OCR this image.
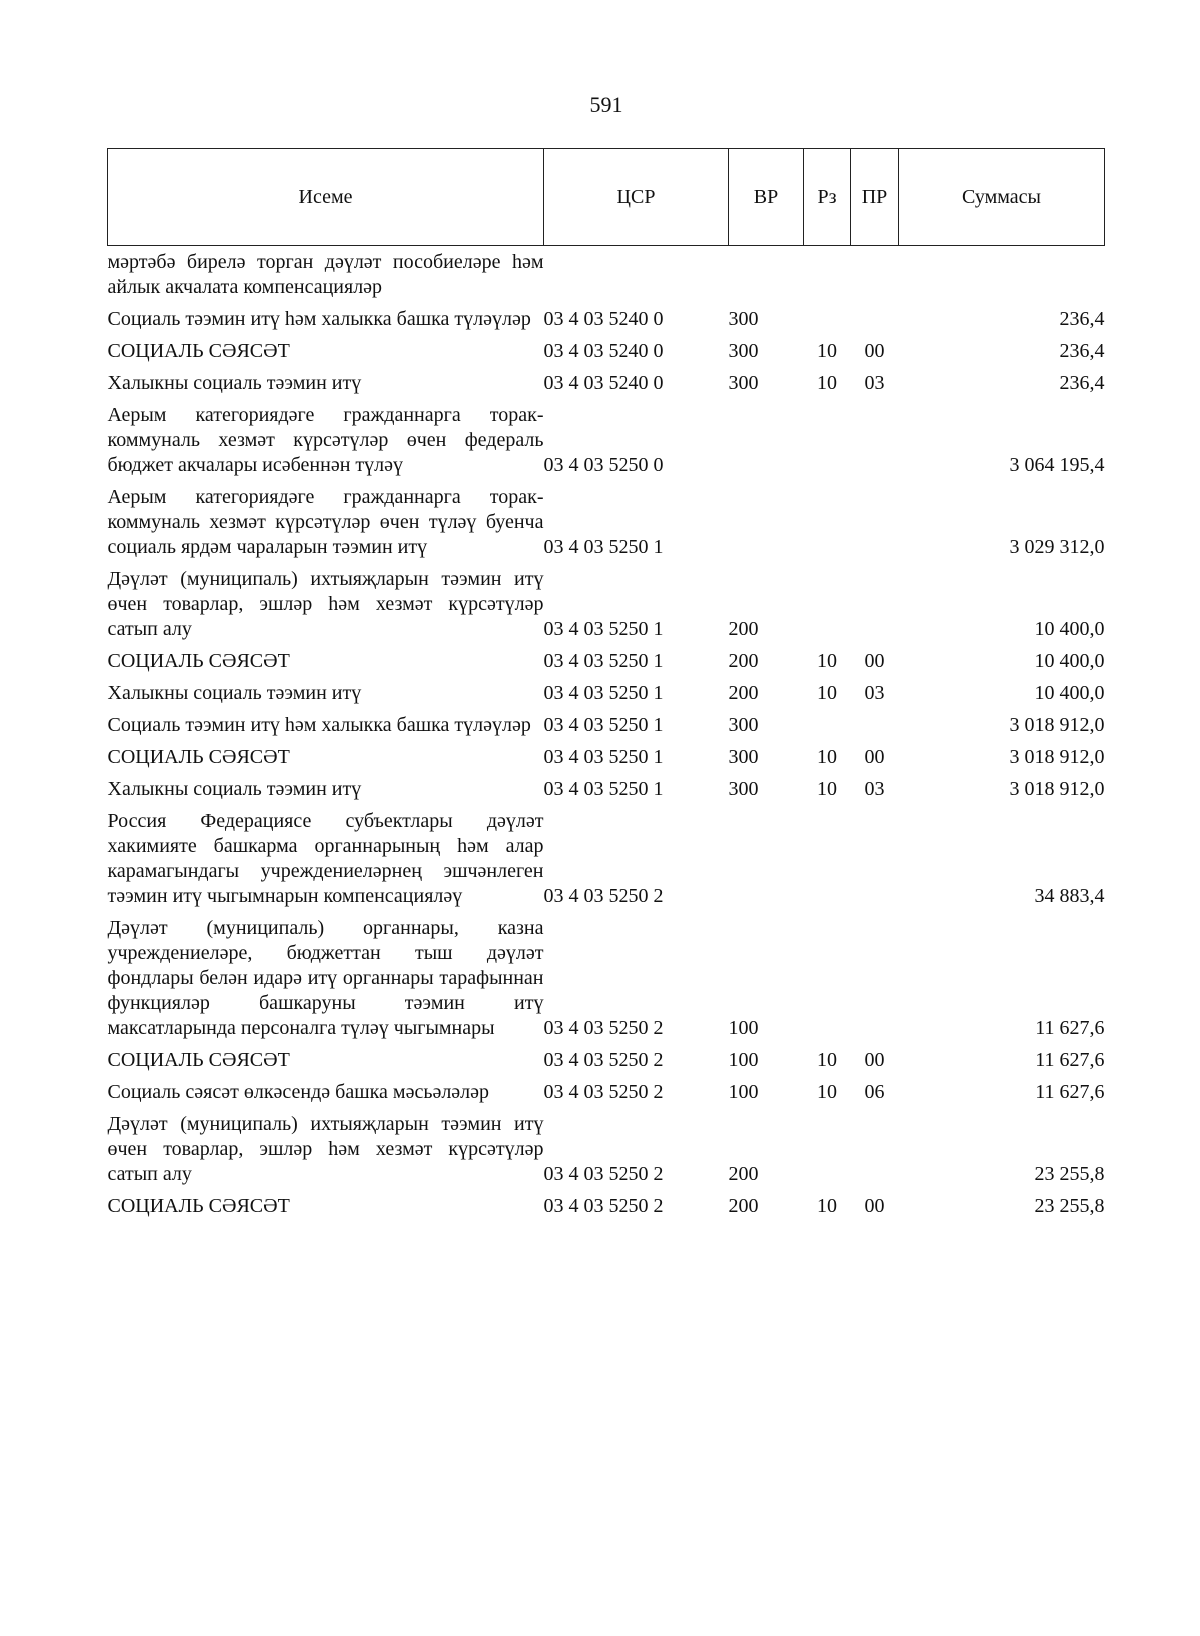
591
Исеме	ЦСР	ВР	Рз	ПР	Суммасы
мәртәбә бирелә торган дәүләт пособиеләре һәм айлык акчалата компенсацияләр					
Социаль тәэмин итү һәм халыкка башка түләүләр	03 4 03 5240 0	300			236,4
СОЦИАЛЬ СӘЯСӘТ	03 4 03 5240 0	300	10	00	236,4
Халыкны социаль тәэмин итү	03 4 03 5240 0	300	10	03	236,4
Аерым категориядәге гражданнарга торак-коммуналь хезмәт күрсәтүләр өчен федераль бюджет акчалары исәбеннән түләү	03 4 03 5250 0				3 064 195,4
Аерым категориядәге гражданнарга торак-коммуналь хезмәт күрсәтүләр өчен түләү буенча социаль ярдәм чараларын тәэмин итү	03 4 03 5250 1				3 029 312,0
Дәүләт (муниципаль) ихтыяҗларын тәэмин итү өчен товарлар, эшләр һәм хезмәт күрсәтүләр сатып алу	03 4 03 5250 1	200			10 400,0
СОЦИАЛЬ СӘЯСӘТ	03 4 03 5250 1	200	10	00	10 400,0
Халыкны социаль тәэмин итү	03 4 03 5250 1	200	10	03	10 400,0
Социаль тәэмин итү һәм халыкка башка түләүләр	03 4 03 5250 1	300			3 018 912,0
СОЦИАЛЬ СӘЯСӘТ	03 4 03 5250 1	300	10	00	3 018 912,0
Халыкны социаль тәэмин итү	03 4 03 5250 1	300	10	03	3 018 912,0
Россия Федерациясе субъектлары дәүләт хакимияте башкарма органнарының һәм алар карамагындагы учреждениеләрнең эшчәнлеген тәэмин итү чыгымнарын компенсацияләү	03 4 03 5250 2				34 883,4
Дәүләт (муниципаль) органнары, казна учреждениеләре, бюджеттан тыш дәүләт фондлары белән идарә итү органнары тарафыннан функцияләр башкаруны тәэмин итү максатларында персоналга түләү чыгымнары	03 4 03 5250 2	100			11 627,6
СОЦИАЛЬ СӘЯСӘТ	03 4 03 5250 2	100	10	00	11 627,6
Социаль сәясәт өлкәсендә башка мәсьәләләр	03 4 03 5250 2	100	10	06	11 627,6
Дәүләт (муниципаль) ихтыяҗларын тәэмин итү өчен товарлар, эшләр һәм хезмәт күрсәтүләр сатып алу	03 4 03 5250 2	200			23 255,8
СОЦИАЛЬ СӘЯСӘТ	03 4 03 5250 2	200	10	00	23 255,8
